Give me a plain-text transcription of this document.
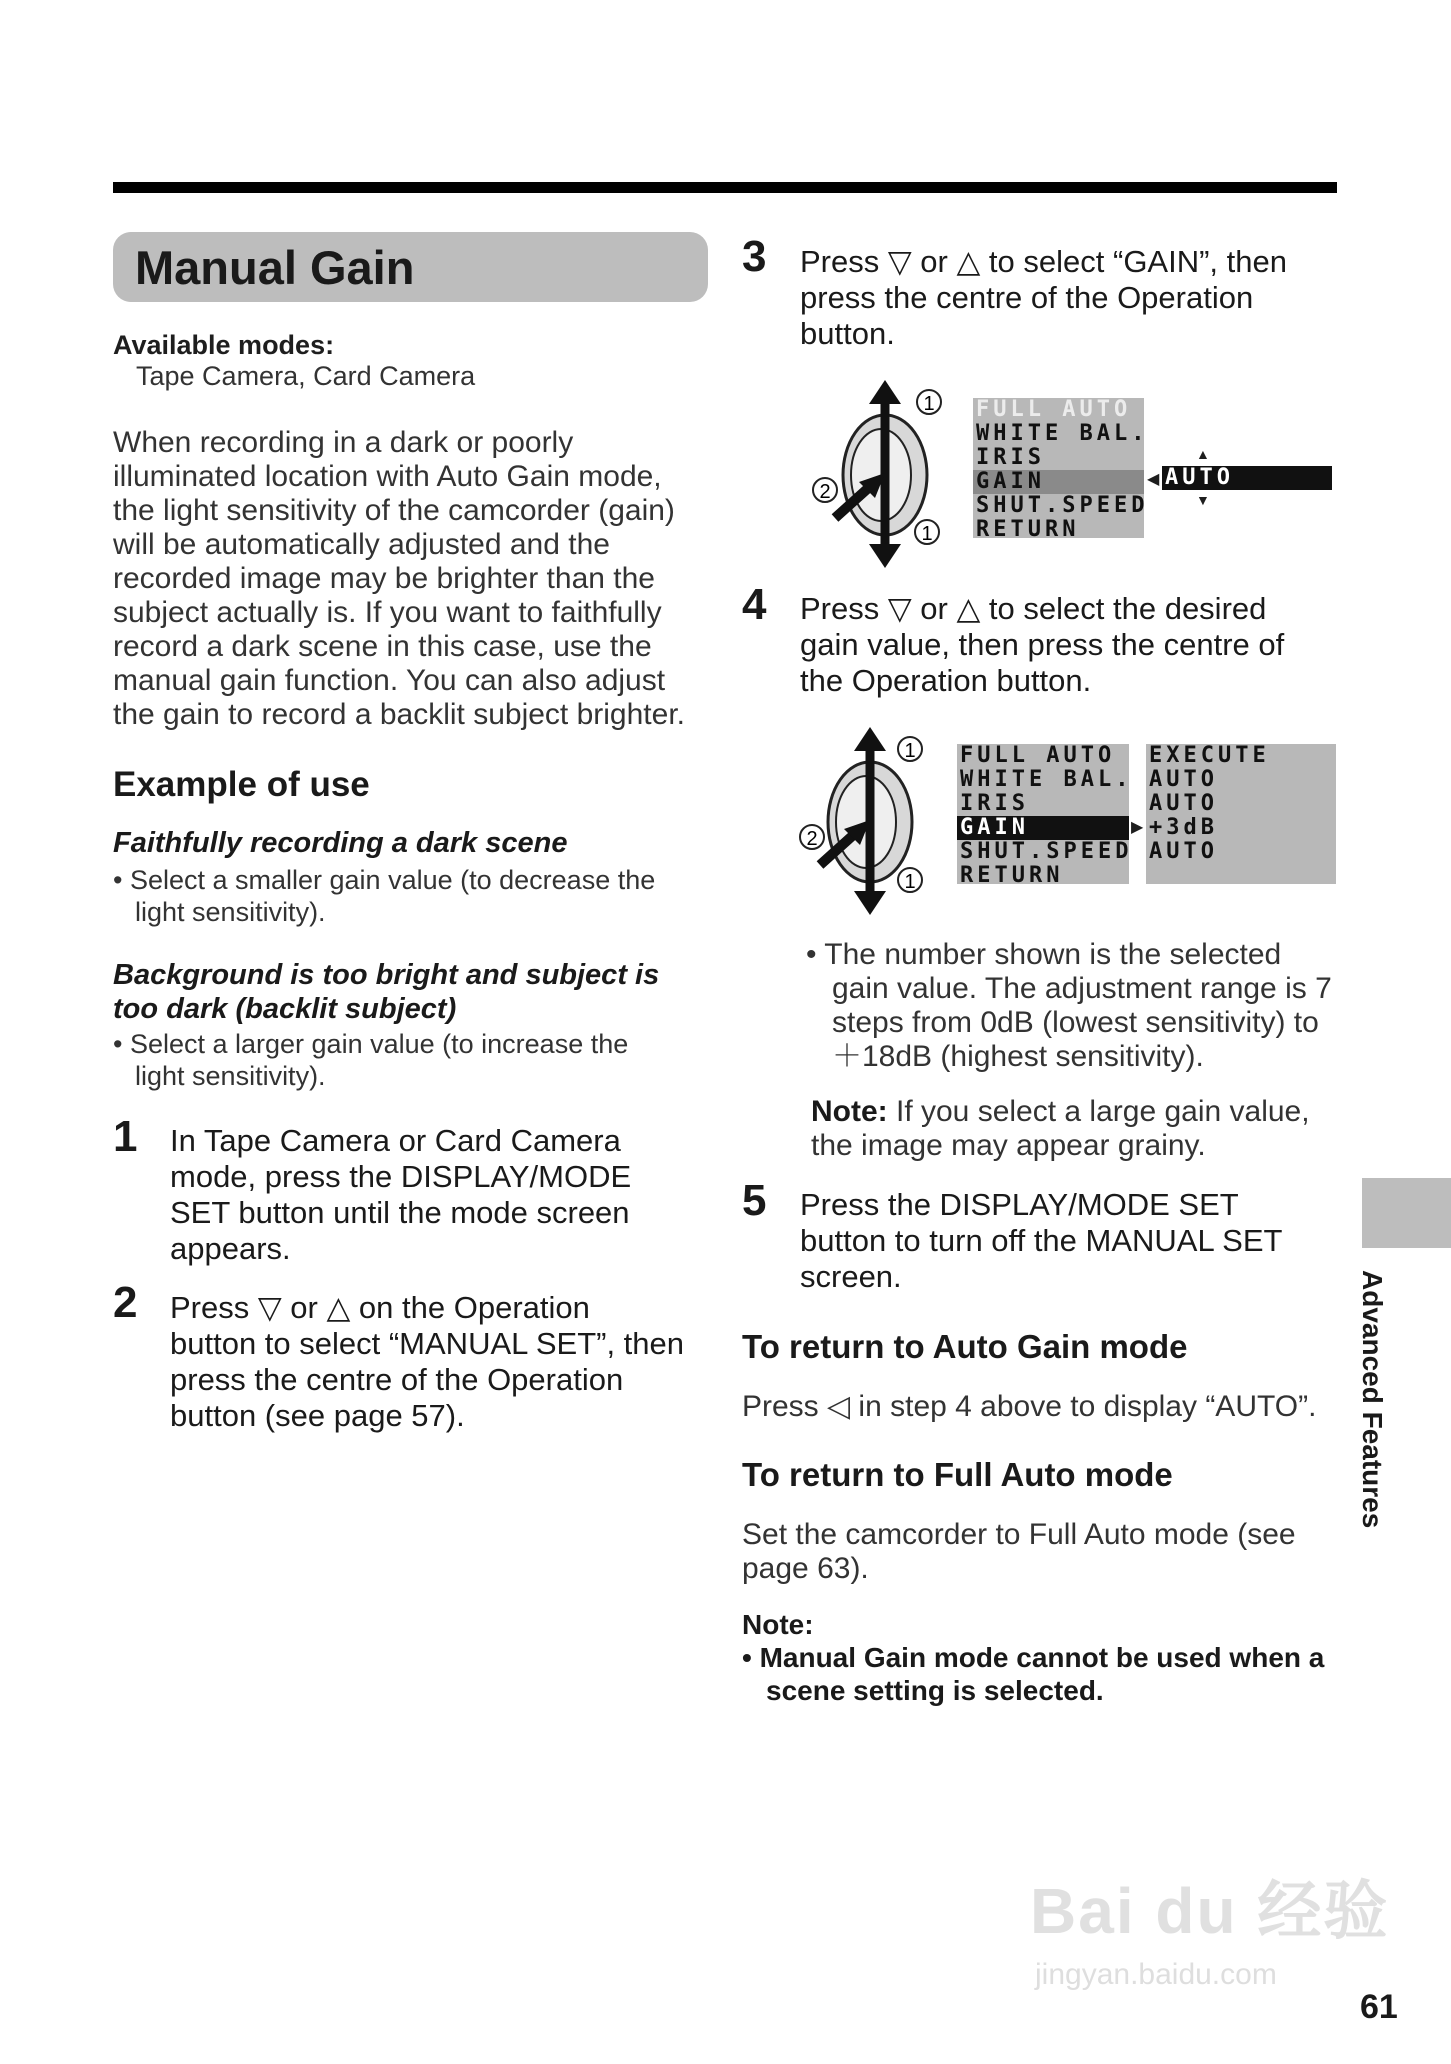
Manual Gain
Available modes:
Tape Camera, Card Camera
When recording in a dark or poorly
illuminated location with Auto Gain mode,
the light sensitivity of the camcorder (gain)
will be automatically adjusted and the
recorded image may be brighter than the
subject actually is. If you want to faithfully
record a dark scene in this case, use the
manual gain function. You can also adjust
the gain to record a backlit subject brighter.
Example of use
Faithfully recording a dark scene
• Select a smaller gain value (to decrease the
light sensitivity).
Background is too bright and subject is
too dark (backlit subject)
• Select a larger gain value (to increase the
light sensitivity).
1 In Tape Camera or Card Camera
mode, press the DISPLAY/MODE
SET button until the mode screen
appears.
2 Press ▽ or △ on the Operation
button to select “MANUAL SET”, then
press the centre of the Operation
button (see page 57).
3 Press ▽ or △ to select “GAIN”, then
press the centre of the Operation
button.
1
2
1
FULL AUTO
WHITE BAL.
IRIS
GAIN
SHUT.SPEED
RETURN
◀ AUTO
▲
▼
4 Press ▽ or △ to select the desired
gain value, then press the centre of
the Operation button.
1
2
1
FULL AUTO
WHITE BAL.
IRIS
GAIN
SHUT.SPEED
RETURN
▶
EXECUTE
AUTO
AUTO
+3dB
AUTO
• The number shown is the selected
gain value. The adjustment range is 7
steps from 0dB (lowest sensitivity) to
＋18dB (highest sensitivity).
Note: If you select a large gain value,
the image may appear grainy.
5 Press the DISPLAY/MODE SET
button to turn off the MANUAL SET
screen.
To return to Auto Gain mode
Press ◁ in step 4 above to display “AUTO”.
To return to Full Auto mode
Set the camcorder to Full Auto mode (see
page 63).
Note:
• Manual Gain mode cannot be used when a
scene setting is selected.
Advanced Features
Bai du 经验
jingyan.baidu.com
61
